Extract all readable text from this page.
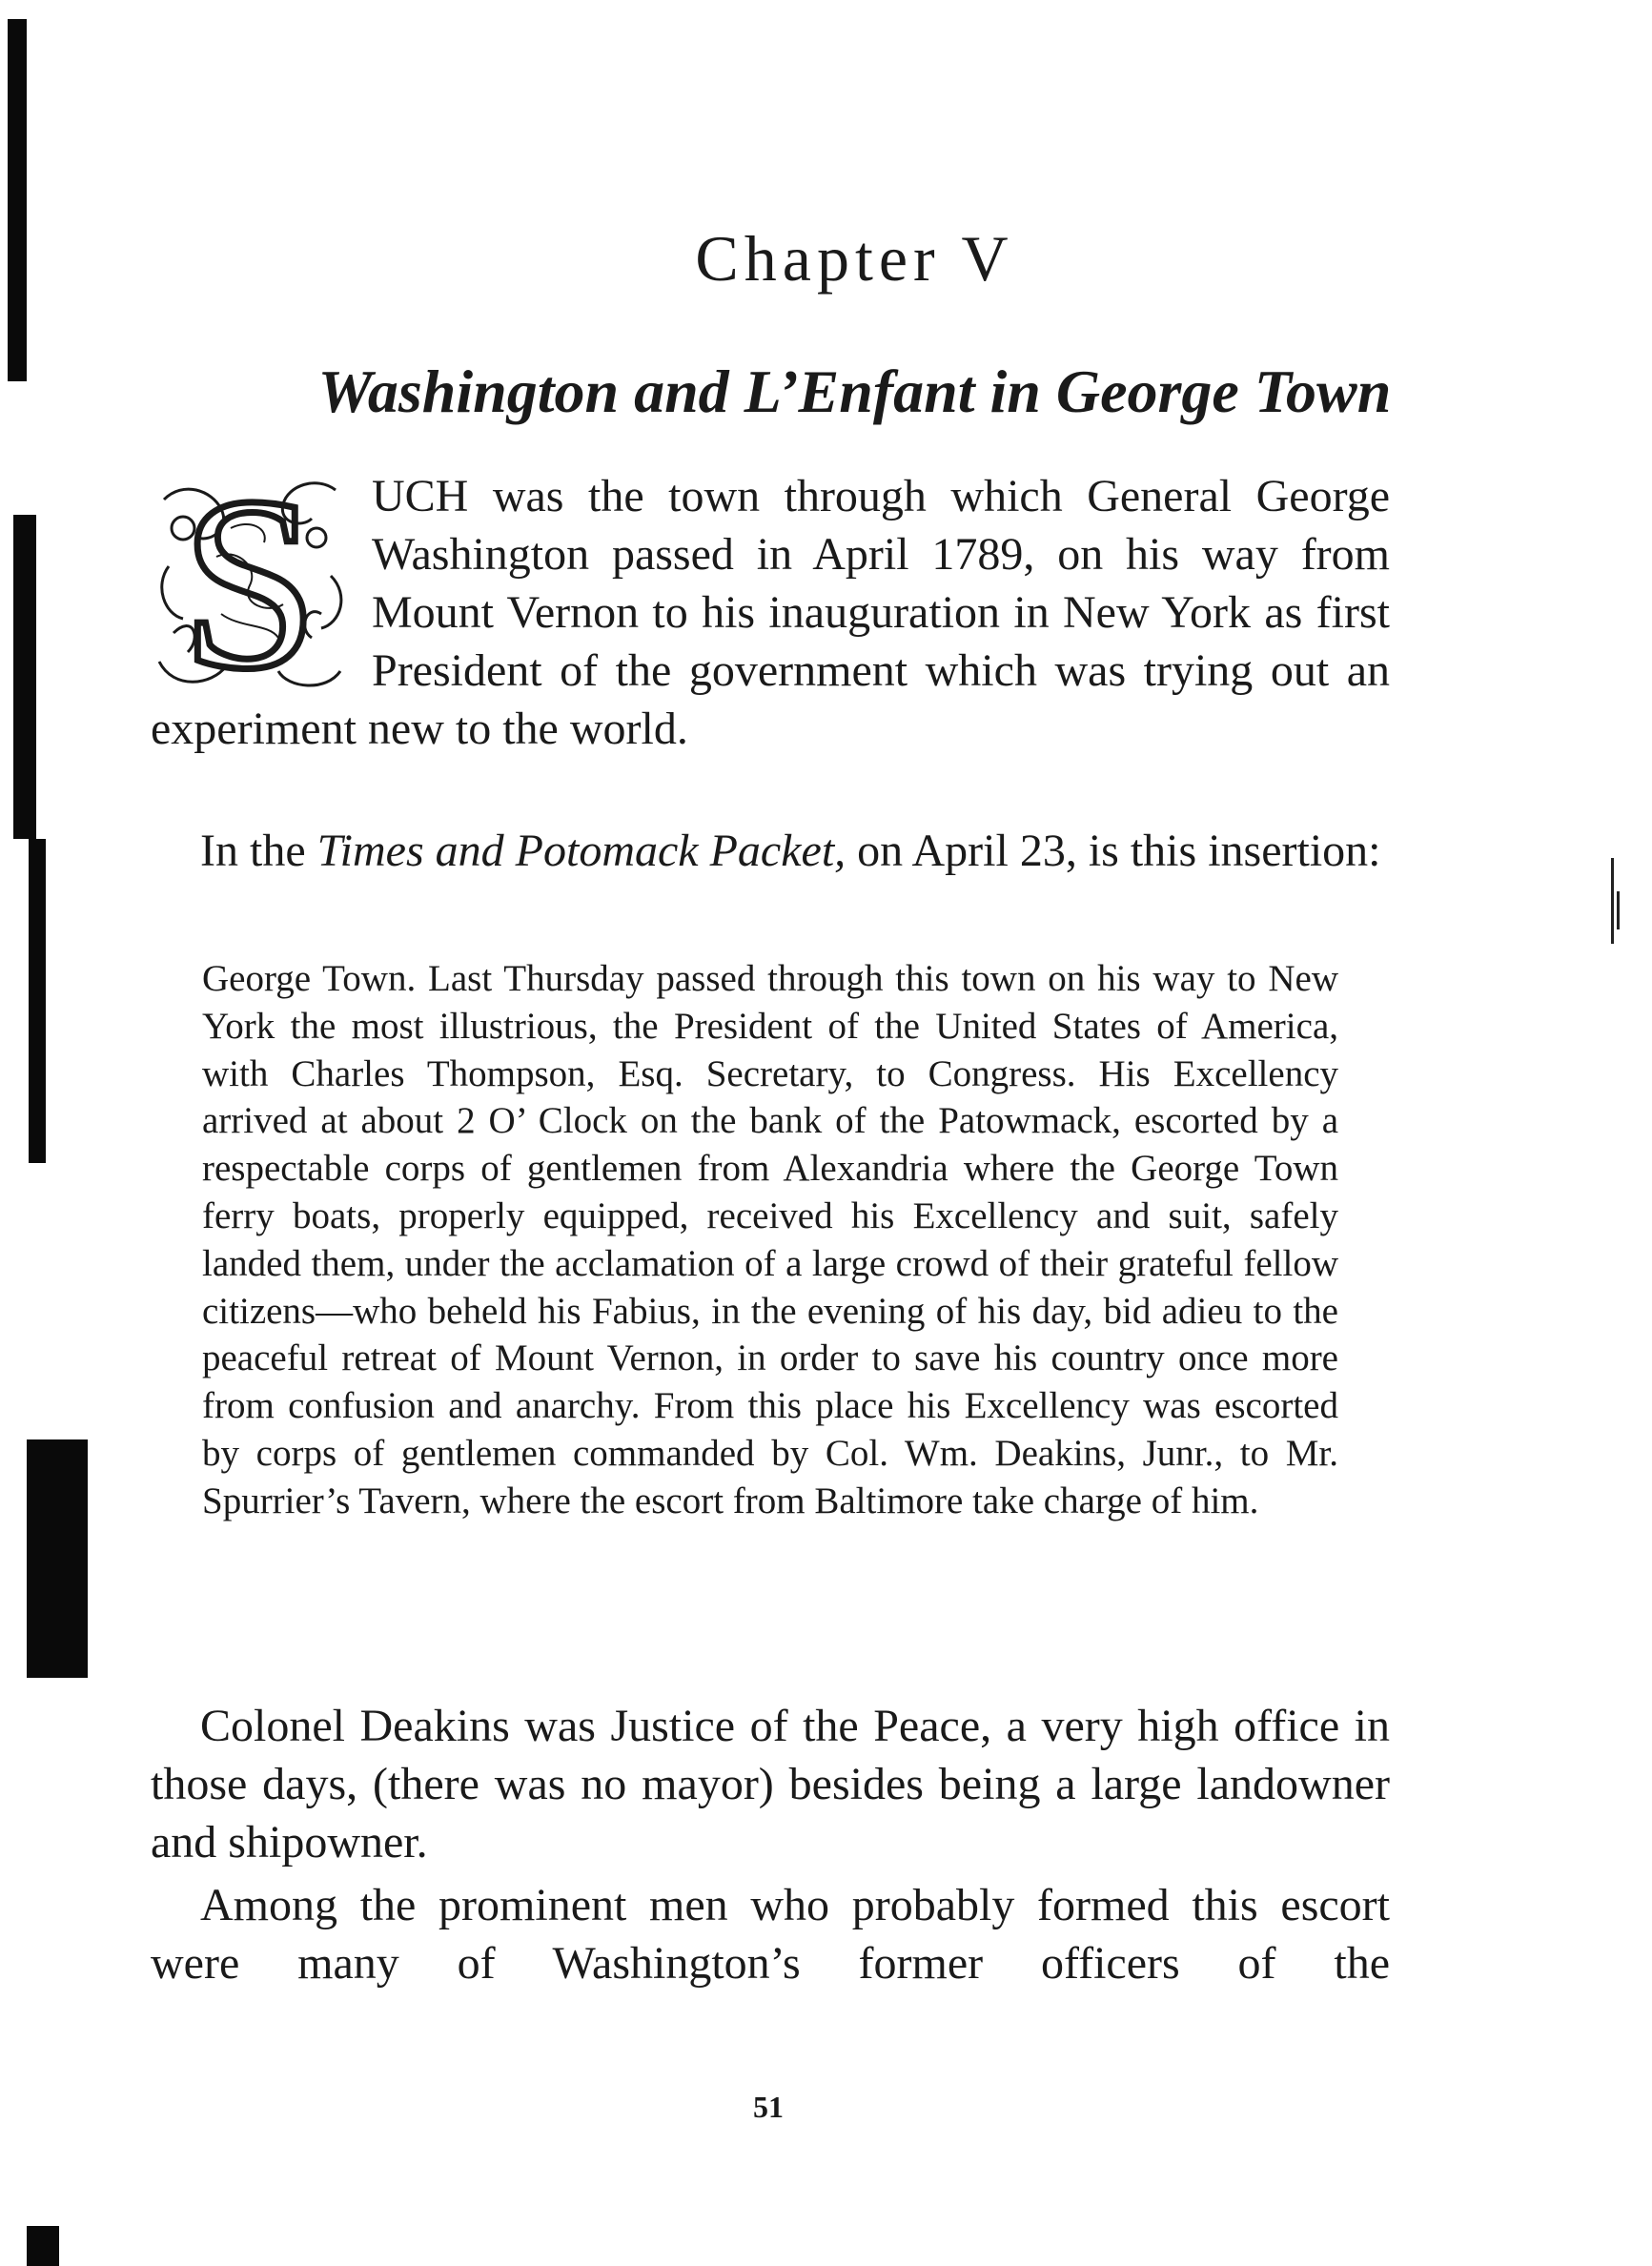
Chapter V
Washington and L’Enfant in George Town

S UCH was the town through which General George Washington passed in April 1789, on his way from Mount Vernon to his inauguration in New York as first President of the government which was trying out an experiment new to the world.

In the Times and Potomack Packet, on April 23, is this insertion:

George Town. Last Thursday passed through this town on his way to New York the most illustrious, the President of the United States of America, with Charles Thompson, Esq. Secretary, to Congress. His Excellency arrived at about 2 O’ Clock on the bank of the Patowmack, escorted by a respectable corps of gentlemen from Alexandria where the George Town ferry boats, properly equipped, received his Excellency and suit, safely landed them, under the acclamation of a large crowd of their grateful fellow citizens—who beheld his Fabius, in the evening of his day, bid adieu to the peaceful retreat of Mount Vernon, in order to save his country once more from confusion and anarchy. From this place his Excellency was escorted by corps of gentlemen commanded by Col. Wm. Deakins, Junr., to Mr. Spurrier’s Tavern, where the escort from Baltimore take charge of him.

Colonel Deakins was Justice of the Peace, a very high office in those days, (there was no mayor) besides being a large landowner and shipowner.

Among the prominent men who probably formed this escort were many of Washington’s former officers of the

51
